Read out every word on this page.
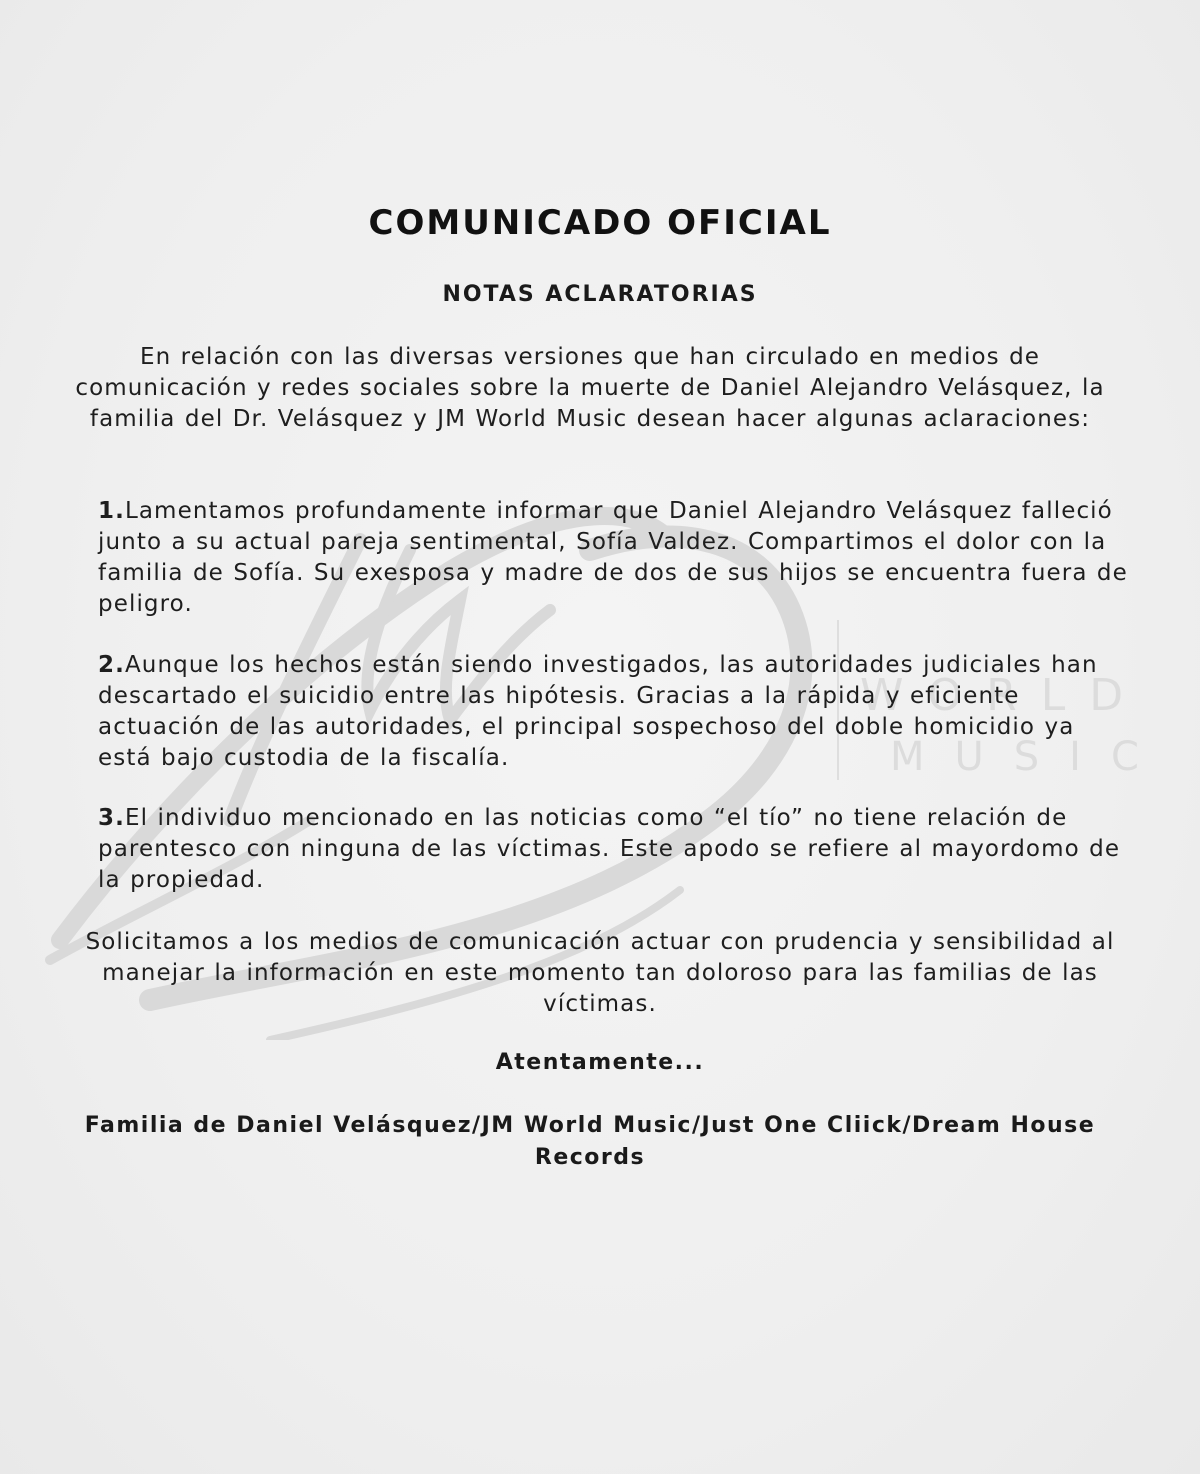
WORLD
MUSIC
COMUNICADO OFICIAL
NOTAS ACLARATORIAS
En relación con las diversas versiones que han circulado en medios de comunicación y redes sociales sobre la muerte de Daniel Alejandro Velásquez, la familia del Dr. Velásquez y JM World Music desean hacer algunas aclaraciones:
1.Lamentamos profundamente informar que Daniel Alejandro Velásquez falleció junto a su actual pareja sentimental, Sofía Valdez. Compartimos el dolor con la familia de Sofía. Su exesposa y madre de dos de sus hijos se encuentra fuera de peligro.
2.Aunque los hechos están siendo investigados, las autoridades judiciales han descartado el suicidio entre las hipótesis. Gracias a la rápida y eficiente actuación de las autoridades, el principal sospechoso del doble homicidio ya está bajo custodia de la fiscalía.
3.El individuo mencionado en las noticias como “el tío” no tiene relación de parentesco con ninguna de las víctimas. Este apodo se refiere al mayordomo de la propiedad.
Solicitamos a los medios de comunicación actuar con prudencia y sensibilidad al manejar la información en este momento tan doloroso para las familias de las víctimas.
Atentamente...
Familia de Daniel Velásquez/JM World Music/Just One Cliick/Dream House Records
